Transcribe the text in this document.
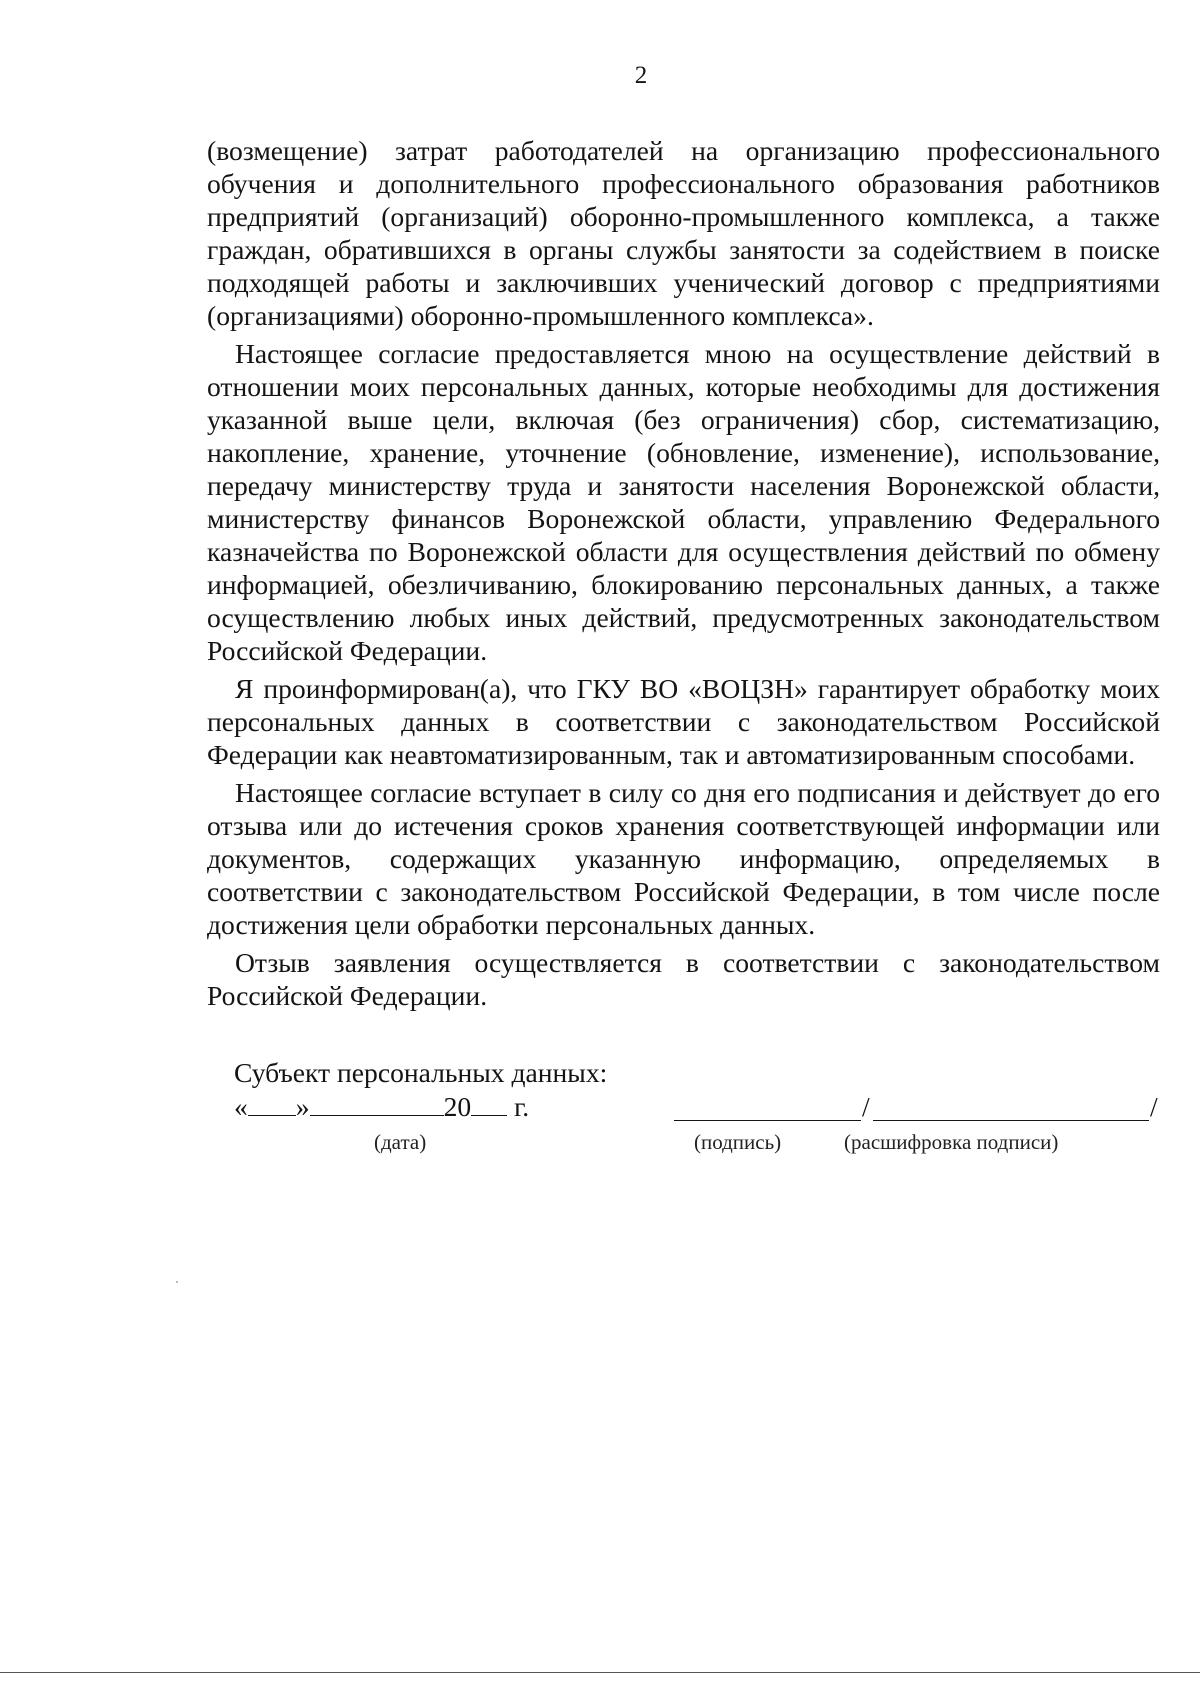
2

(возмещение) затрат работодателей на организацию профессионального обучения и дополнительного профессионального образования работников предприятий (организаций) оборонно-промышленного комплекса, а также граждан, обратившихся в органы службы занятости за содействием в поиске подходящей работы и заключивших ученический договор с предприятиями (организациями) оборонно-промышленного комплекса».

Настоящее согласие предоставляется мною на осуществление действий в отношении моих персональных данных, которые необходимы для достижения указанной выше цели, включая (без ограничения) сбор, систематизацию, накопление, хранение, уточнение (обновление, изменение), использование, передачу министерству труда и занятости населения Воронежской области, министерству финансов Воронежской области, управлению Федерального казначейства по Воронежской области для осуществления действий по обмену информацией, обезличиванию, блокированию персональных данных, а также осуществлению любых иных действий, предусмотренных законодательством Российской Федерации.

Я проинформирован(а), что ГКУ ВО «ВОЦЗН» гарантирует обработку моих персональных данных в соответствии с законодательством Российской Федерации как неавтоматизированным, так и автоматизированным способами.

Настоящее согласие вступает в силу со дня его подписания и действует до его отзыва или до истечения сроков хранения соответствующей информации или документов, содержащих указанную информацию, определяемых в соответствии с законодательством Российской Федерации, в том числе после достижения цели обработки персональных данных.

Отзыв заявления осуществляется в соответствии с законодательством Российской Федерации.

Субъект персональных данных:
« »	20 г.	/	/
(дата)	(подпись)	(расшифровка подписи)
